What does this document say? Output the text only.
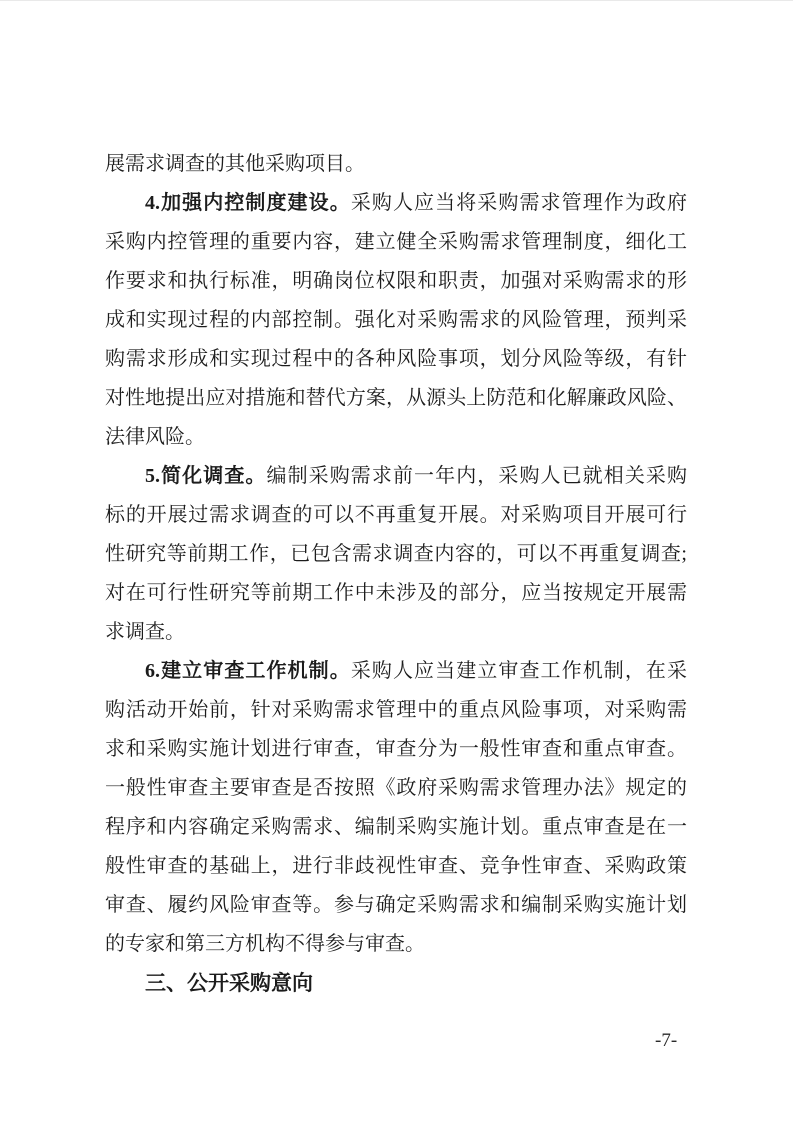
展需求调查的其他采购项目。
4.加强内控制度建设。采购人应当将采购需求管理作为政府
采购内控管理的重要内容，建立健全采购需求管理制度，细化工
作要求和执行标准，明确岗位权限和职责，加强对采购需求的形
成和实现过程的内部控制。强化对采购需求的风险管理，预判采
购需求形成和实现过程中的各种风险事项，划分风险等级，有针
对性地提出应对措施和替代方案，从源头上防范和化解廉政风险、
法律风险。
5.简化调查。编制采购需求前一年内，采购人已就相关采购
标的开展过需求调查的可以不再重复开展。对采购项目开展可行
性研究等前期工作，已包含需求调查内容的，可以不再重复调查;
对在可行性研究等前期工作中未涉及的部分，应当按规定开展需
求调查。
6.建立审查工作机制。采购人应当建立审查工作机制，在采
购活动开始前，针对采购需求管理中的重点风险事项，对采购需
求和采购实施计划进行审查，审查分为一般性审查和重点审查。
一般性审查主要审查是否按照《政府采购需求管理办法》规定的
程序和内容确定采购需求、编制采购实施计划。重点审查是在一
般性审查的基础上，进行非歧视性审查、竞争性审查、采购政策
审查、履约风险审查等。参与确定采购需求和编制采购实施计划
的专家和第三方机构不得参与审查。
三、公开采购意向
-7-
